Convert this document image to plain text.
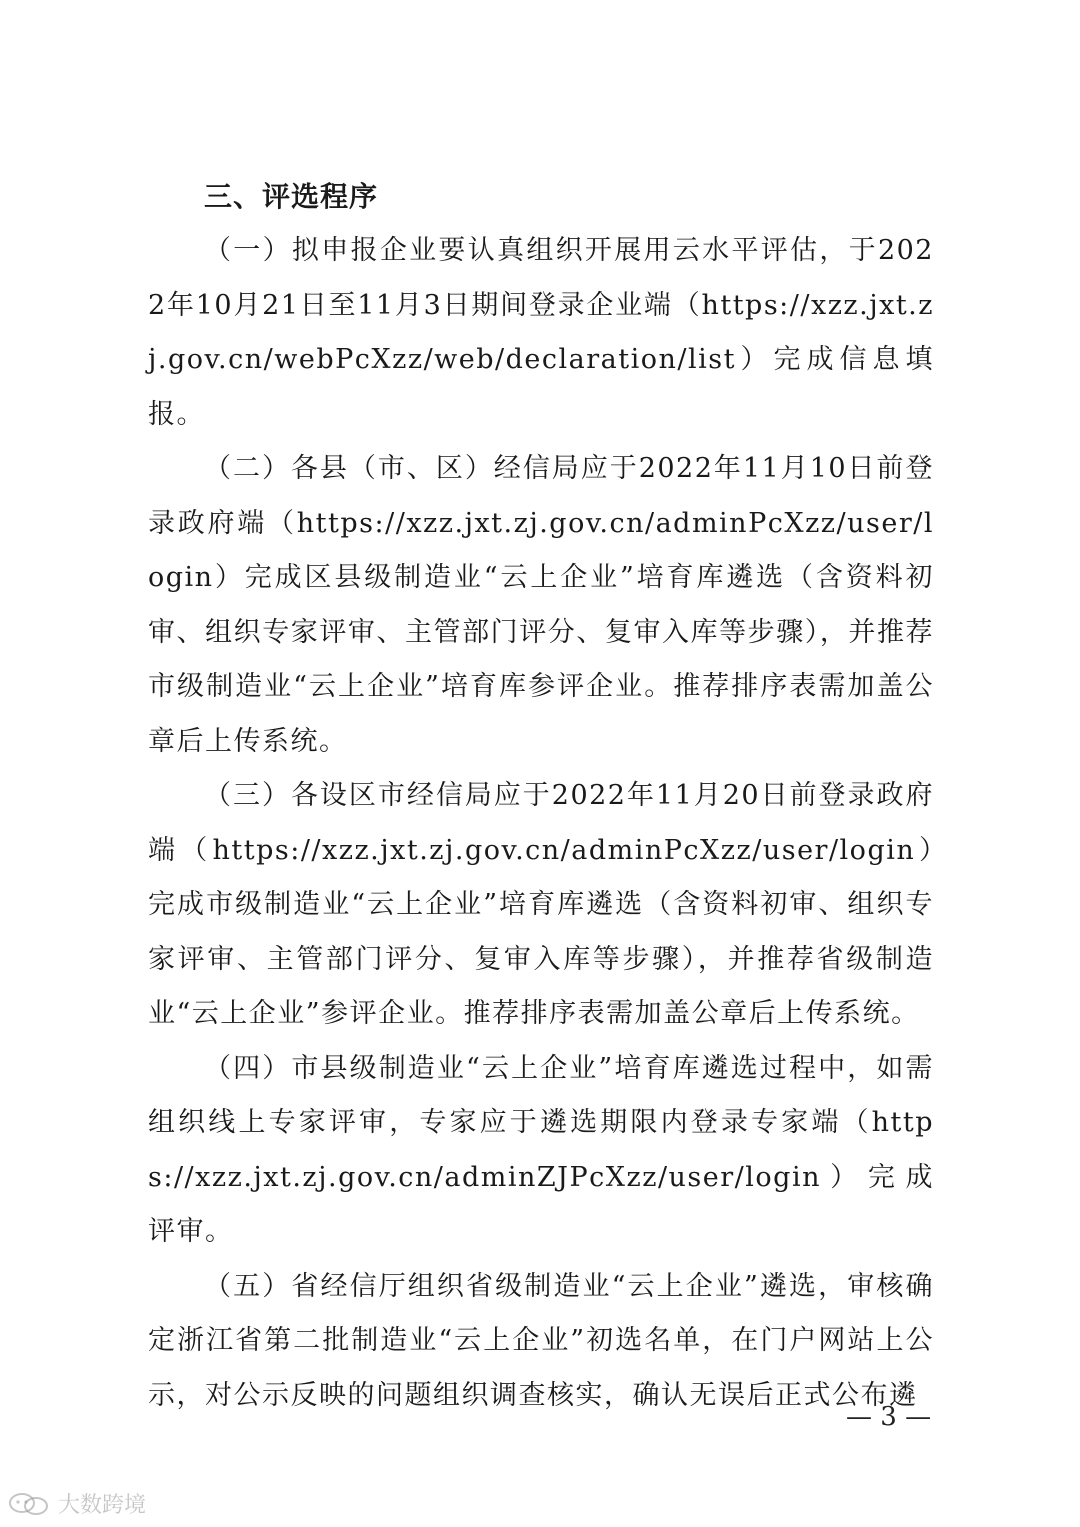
三、评选程序

（一）拟申报企业要认真组织开展用云水平评估，于2022年10月21日至11月3日期间登录企业端（https://xzz.jxt.zj.gov.cn/webPcXzz/web/declaration/list）完成信息填报。

（二）各县（市、区）经信局应于2022年11月10日前登录政府端（https://xzz.jxt.zj.gov.cn/adminPcXzz/user/login）完成区县级制造业“云上企业”培育库遴选（含资料初审、组织专家评审、主管部门评分、复审入库等步骤），并推荐市级制造业“云上企业”培育库参评企业。推荐排序表需加盖公章后上传系统。

（三）各设区市经信局应于2022年11月20日前登录政府端（https://xzz.jxt.zj.gov.cn/adminPcXzz/user/login）完成市级制造业“云上企业”培育库遴选（含资料初审、组织专家评审、主管部门评分、复审入库等步骤），并推荐省级制造业“云上企业”参评企业。推荐排序表需加盖公章后上传系统。

（四）市县级制造业“云上企业”培育库遴选过程中，如需组织线上专家评审，专家应于遴选期限内登录专家端（https://xzz.jxt.zj.gov.cn/adminZJPcXzz/user/login）完成评审。

（五）省经信厅组织省级制造业“云上企业”遴选，审核确定浙江省第二批制造业“云上企业”初选名单，在门户网站上公示，对公示反映的问题组织调查核实，确认无误后正式公布遴

— 3 —
大数跨境
